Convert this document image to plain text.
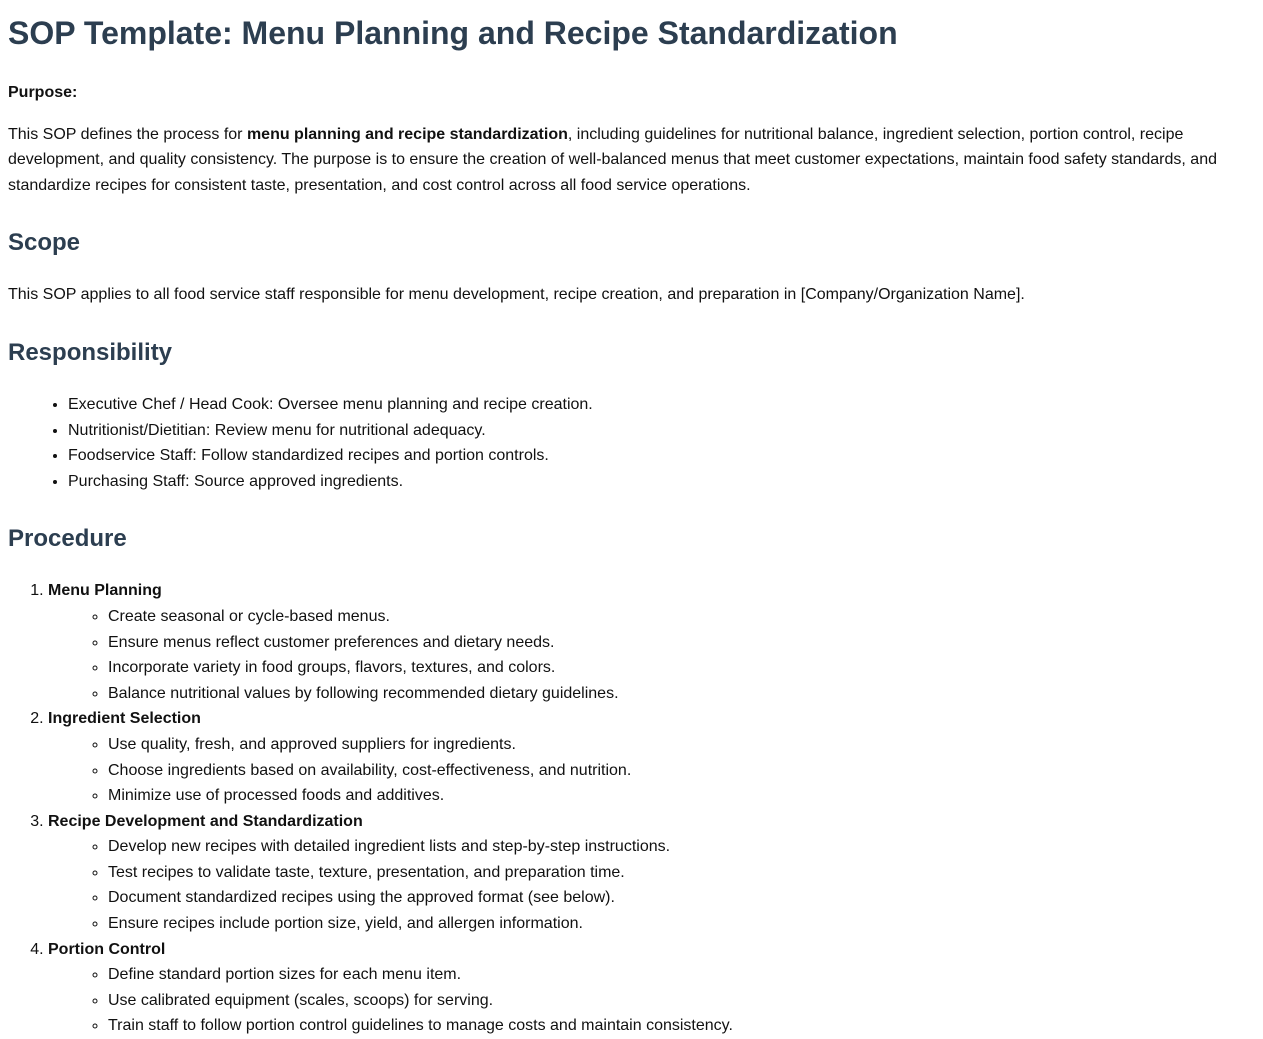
SOP Template: Menu Planning and Recipe Standardization

Purpose:

This SOP defines the process for menu planning and recipe standardization, including guidelines for nutritional balance, ingredient selection, portion control, recipe development, and quality consistency. The purpose is to ensure the creation of well-balanced menus that meet customer expectations, maintain food safety standards, and standardize recipes for consistent taste, presentation, and cost control across all food service operations.

Scope

This SOP applies to all food service staff responsible for menu development, recipe creation, and preparation in [Company/Organization Name].

Responsibility
• Executive Chef / Head Cook: Oversee menu planning and recipe creation.
• Nutritionist/Dietitian: Review menu for nutritional adequacy.
• Foodservice Staff: Follow standardized recipes and portion controls.
• Purchasing Staff: Source approved ingredients.
Procedure
1. Menu Planning
◦ Create seasonal or cycle-based menus.
◦ Ensure menus reflect customer preferences and dietary needs.
◦ Incorporate variety in food groups, flavors, textures, and colors.
◦ Balance nutritional values by following recommended dietary guidelines.
2. Ingredient Selection
◦ Use quality, fresh, and approved suppliers for ingredients.
◦ Choose ingredients based on availability, cost-effectiveness, and nutrition.
◦ Minimize use of processed foods and additives.
3. Recipe Development and Standardization
◦ Develop new recipes with detailed ingredient lists and step-by-step instructions.
◦ Test recipes to validate taste, texture, presentation, and preparation time.
◦ Document standardized recipes using the approved format (see below).
◦ Ensure recipes include portion size, yield, and allergen information.
4. Portion Control
◦ Define standard portion sizes for each menu item.
◦ Use calibrated equipment (scales, scoops) for serving.
◦ Train staff to follow portion control guidelines to manage costs and maintain consistency.
